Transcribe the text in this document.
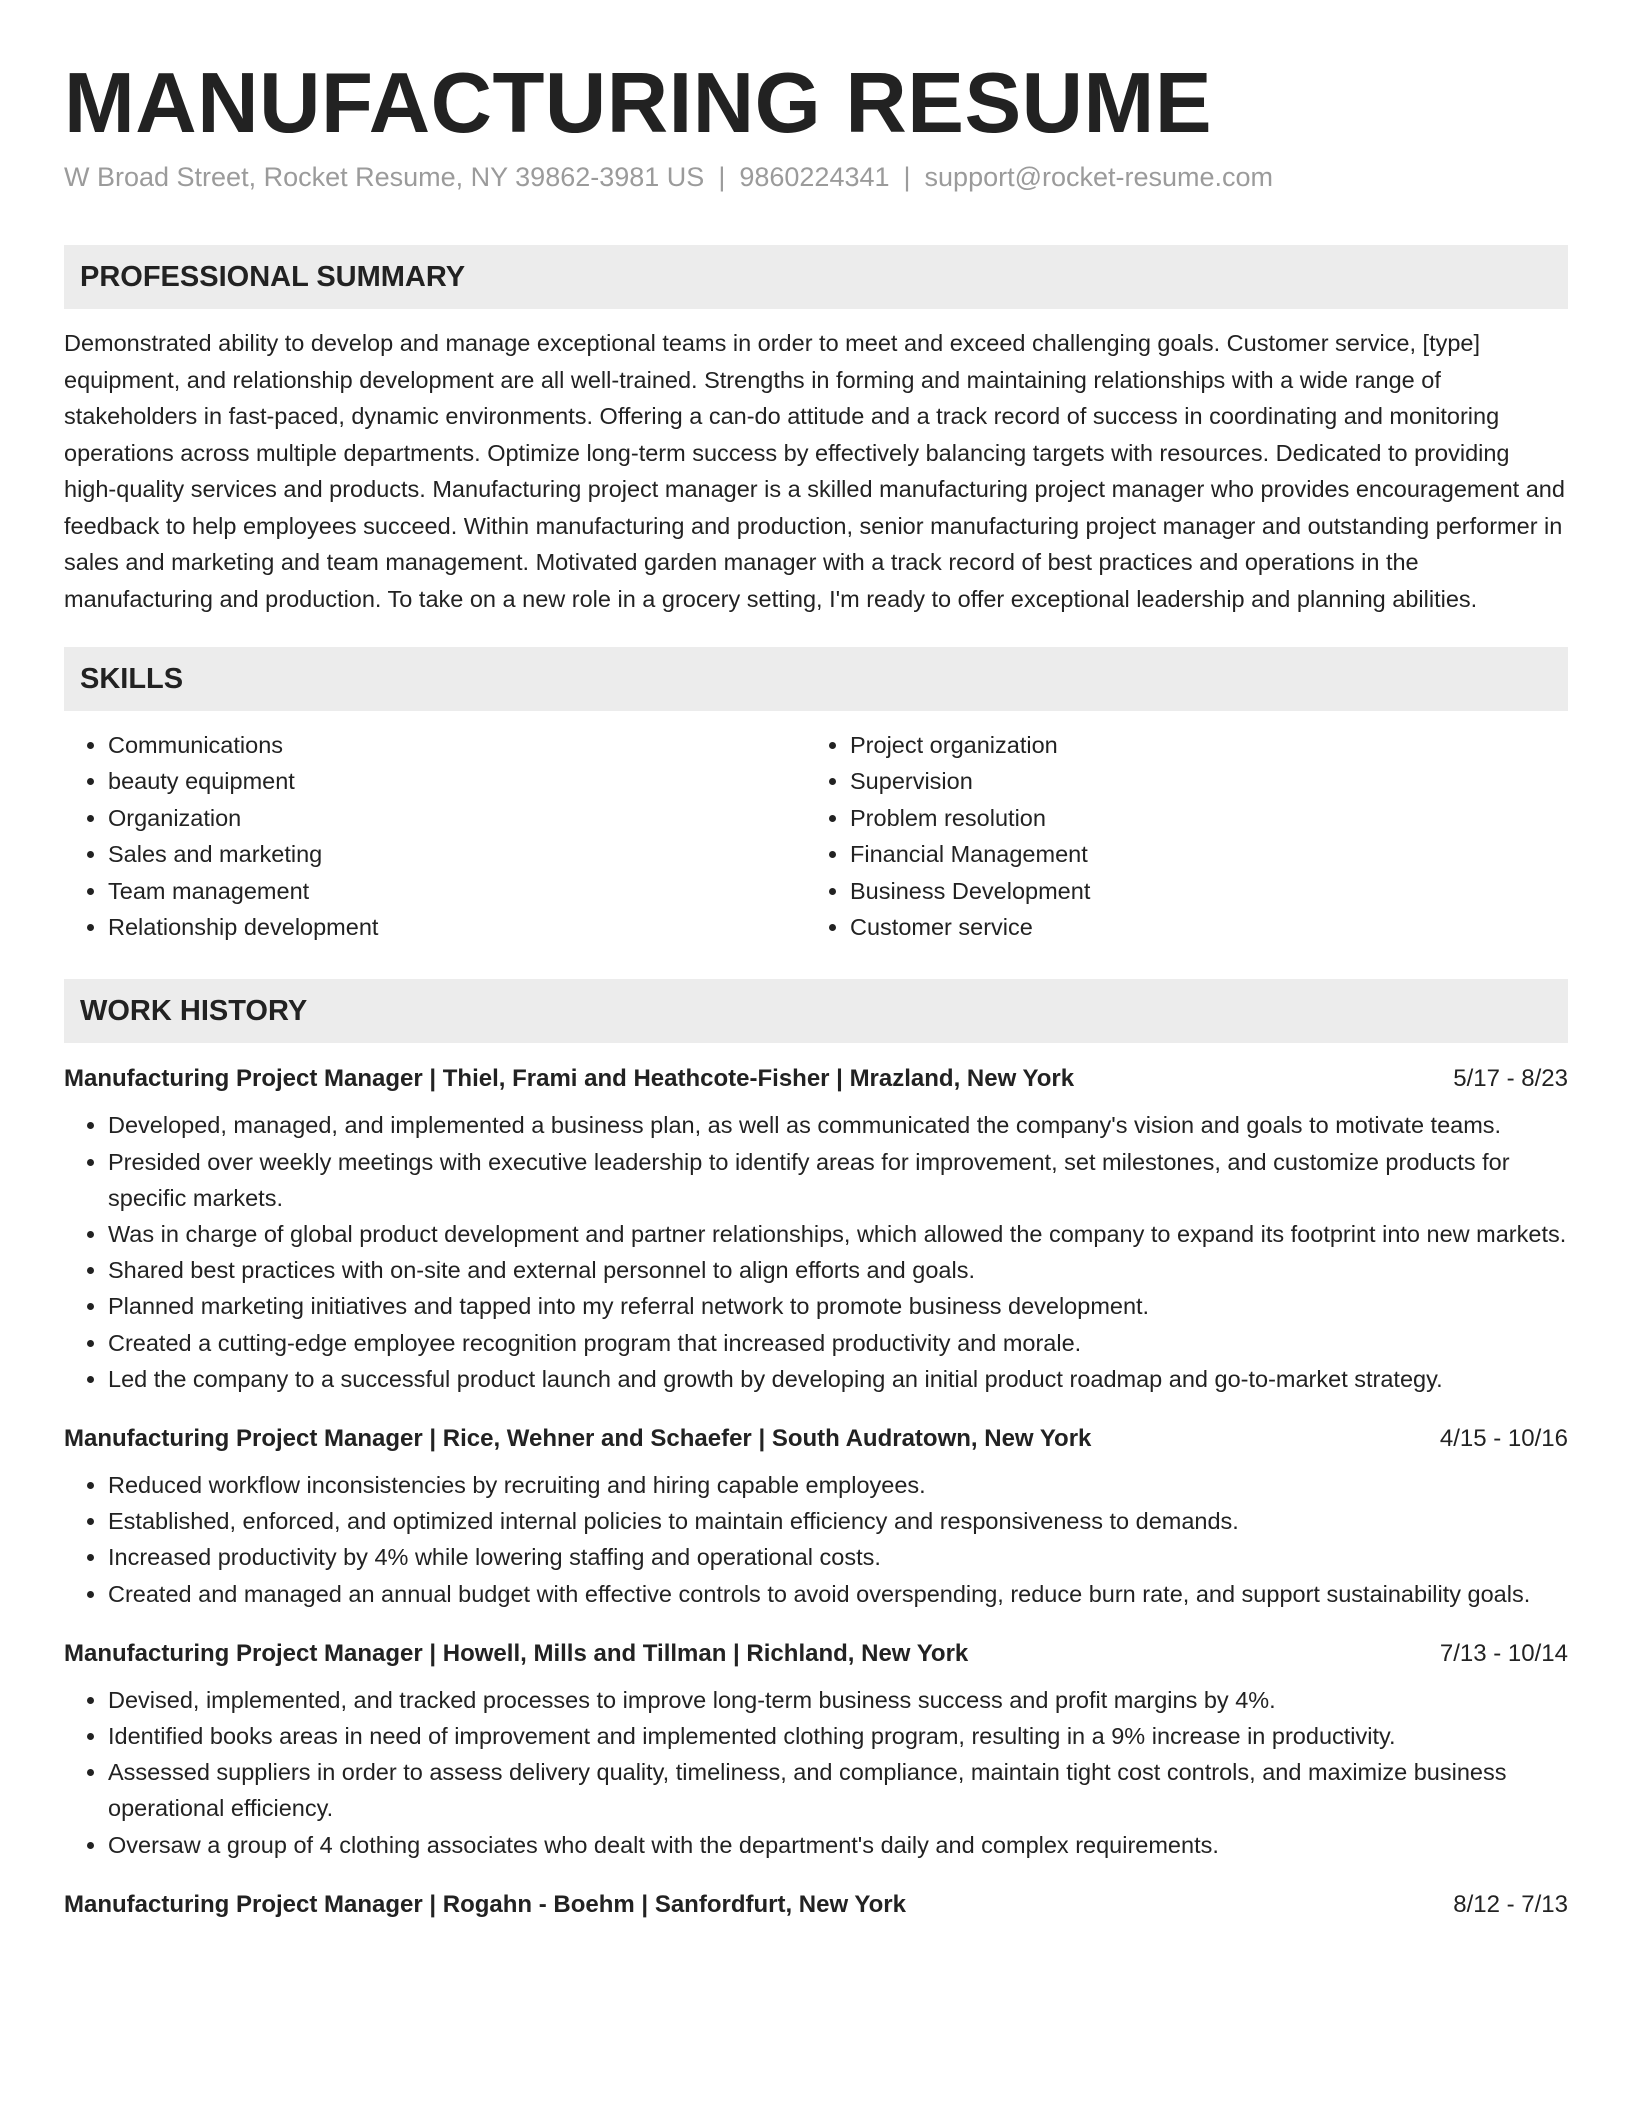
MANUFACTURING RESUME
W Broad Street, Rocket Resume, NY 39862-3981 US | 9860224341 | support@rocket-resume.com
PROFESSIONAL SUMMARY

Demonstrated ability to develop and manage exceptional teams in order to meet and exceed challenging goals. Customer service, [type] equipment, and relationship development are all well-trained. Strengths in forming and maintaining relationships with a wide range of stakeholders in fast-paced, dynamic environments. Offering a can-do attitude and a track record of success in coordinating and monitoring operations across multiple departments. Optimize long-term success by effectively balancing targets with resources. Dedicated to providing high-quality services and products. Manufacturing project manager is a skilled manufacturing project manager who provides encouragement and feedback to help employees succeed. Within manufacturing and production, senior manufacturing project manager and outstanding performer in sales and marketing and team management. Motivated garden manager with a track record of best practices and operations in the manufacturing and production. To take on a new role in a grocery setting, I'm ready to offer exceptional leadership and planning abilities.

SKILLS
• Communications
• beauty equipment
• Organization
• Sales and marketing
• Team management
• Relationship development
• Project organization
• Supervision
• Problem resolution
• Financial Management
• Business Development
• Customer service
WORK HISTORY
Manufacturing Project Manager | Thiel, Frami and Heathcote-Fisher | Mrazland, New York	5/17 - 8/23
• Developed, managed, and implemented a business plan, as well as communicated the company's vision and goals to motivate teams.
• Presided over weekly meetings with executive leadership to identify areas for improvement, set milestones, and customize products for specific markets.
• Was in charge of global product development and partner relationships, which allowed the company to expand its footprint into new markets.
• Shared best practices with on-site and external personnel to align efforts and goals.
• Planned marketing initiatives and tapped into my referral network to promote business development.
• Created a cutting-edge employee recognition program that increased productivity and morale.
• Led the company to a successful product launch and growth by developing an initial product roadmap and go-to-market strategy.
Manufacturing Project Manager | Rice, Wehner and Schaefer | South Audratown, New York	4/15 - 10/16
• Reduced workflow inconsistencies by recruiting and hiring capable employees.
• Established, enforced, and optimized internal policies to maintain efficiency and responsiveness to demands.
• Increased productivity by 4% while lowering staffing and operational costs.
• Created and managed an annual budget with effective controls to avoid overspending, reduce burn rate, and support sustainability goals.
Manufacturing Project Manager | Howell, Mills and Tillman | Richland, New York	7/13 - 10/14
• Devised, implemented, and tracked processes to improve long-term business success and profit margins by 4%.
• Identified books areas in need of improvement and implemented clothing program, resulting in a 9% increase in productivity.
• Assessed suppliers in order to assess delivery quality, timeliness, and compliance, maintain tight cost controls, and maximize business operational efficiency.
• Oversaw a group of 4 clothing associates who dealt with the department's daily and complex requirements.
Manufacturing Project Manager | Rogahn - Boehm | Sanfordfurt, New York	8/12 - 7/13
